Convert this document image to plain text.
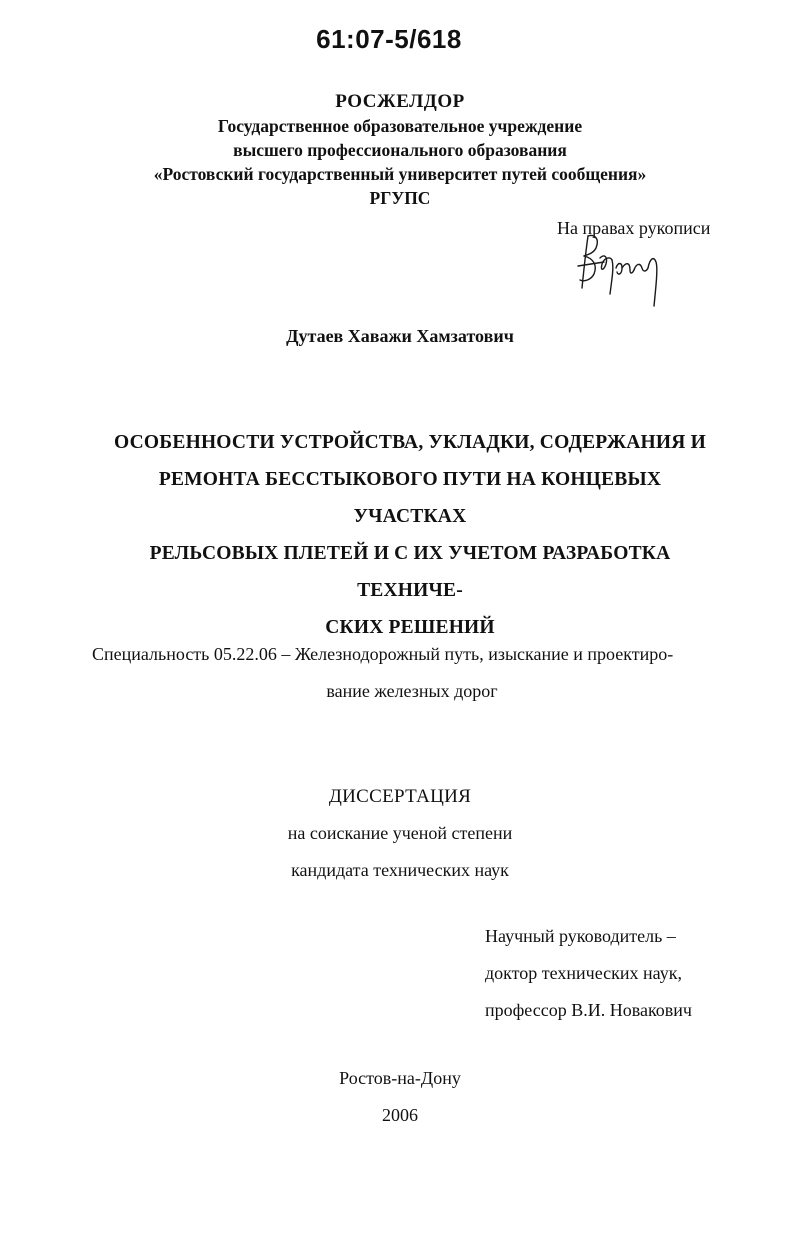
61:07-5/618
РОСЖЕЛДОР
Государственное образовательное учреждение
высшего профессионального образования
«Ростовский государственный университет путей сообщения»
РГУПС
На правах рукописи
Дутаев Хаважи Хамзатович
ОСОБЕННОСТИ УСТРОЙСТВА, УКЛАДКИ, СОДЕРЖАНИЯ И
РЕМОНТА БЕССТЫКОВОГО ПУТИ НА КОНЦЕВЫХ УЧАСТКАХ
РЕЛЬСОВЫХ ПЛЕТЕЙ И С ИХ УЧЕТОМ РАЗРАБОТКА ТЕХНИЧЕ-
СКИХ РЕШЕНИЙ
Специальность 05.22.06 – Железнодорожный путь, изыскание и проектиро-
вание железных дорог
ДИССЕРТАЦИЯ
на соискание ученой степени
кандидата технических наук
Научный руководитель –
доктор технических наук,
профессор В.И. Новакович
Ростов-на-Дону
2006
